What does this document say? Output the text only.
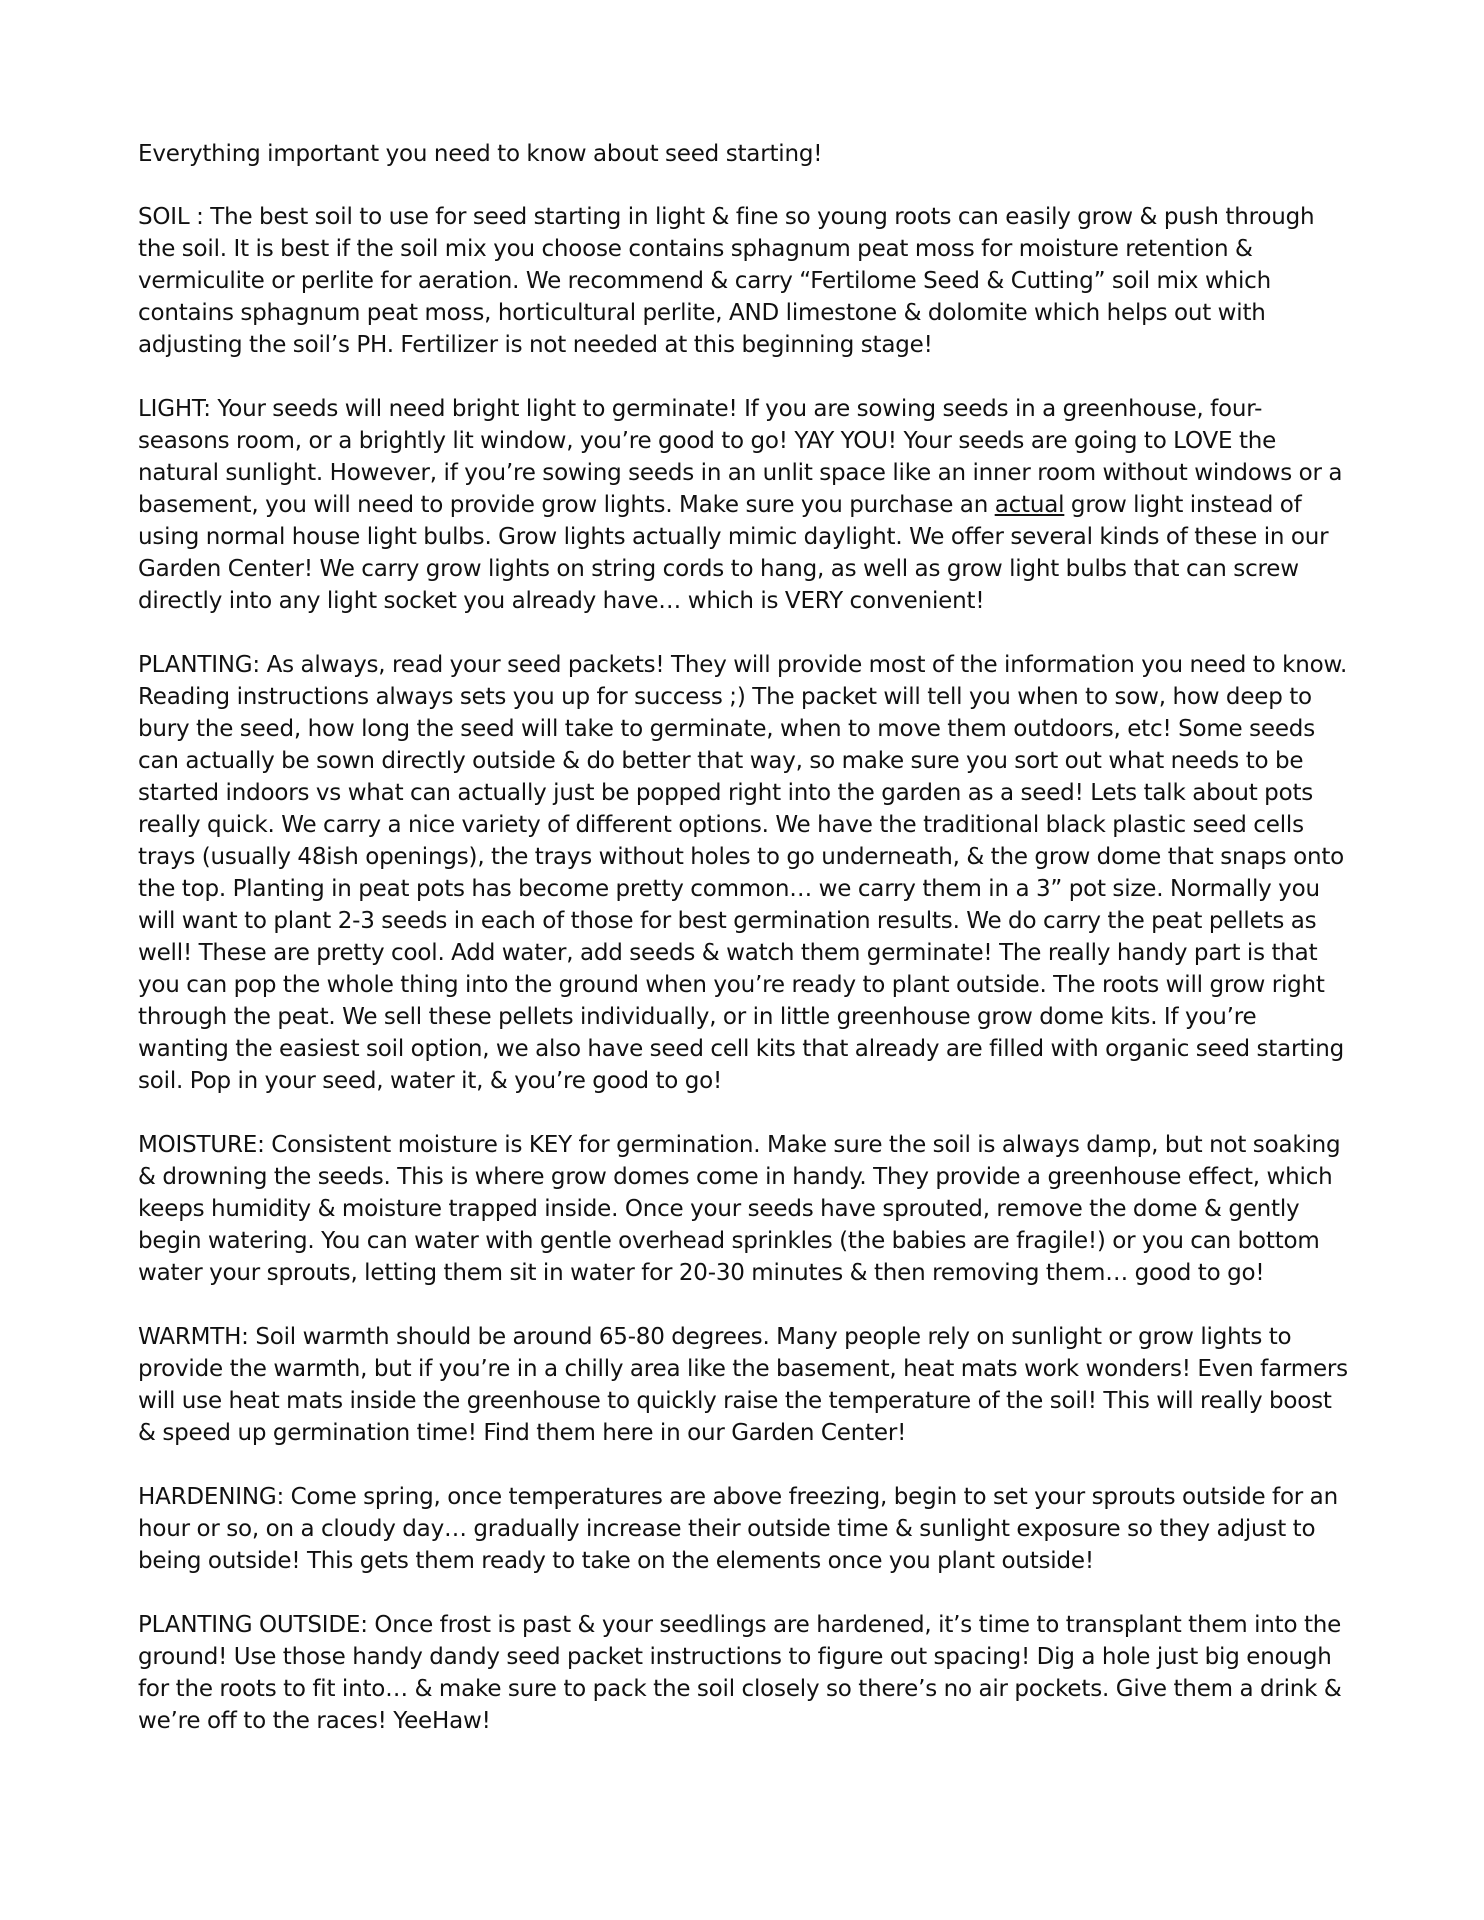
Everything important you need to know about seed starting!

SOIL : The best soil to use for seed starting in light & fine so young roots can easily grow & push through the soil. It is best if the soil mix you choose contains sphagnum peat moss for moisture retention & vermiculite or perlite for aeration. We recommend & carry “Fertilome Seed & Cutting” soil mix which contains sphagnum peat moss, horticultural perlite, AND limestone & dolomite which helps out with adjusting the soil’s PH. Fertilizer is not needed at this beginning stage!

LIGHT: Your seeds will need bright light to germinate! If you are sowing seeds in a greenhouse, four-seasons room, or a brightly lit window, you’re good to go! YAY YOU! Your seeds are going to LOVE the natural sunlight. However, if you’re sowing seeds in an unlit space like an inner room without windows or a basement, you will need to provide grow lights. Make sure you purchase an actual grow light instead of using normal house light bulbs. Grow lights actually mimic daylight. We offer several kinds of these in our Garden Center! We carry grow lights on string cords to hang, as well as grow light bulbs that can screw directly into any light socket you already have… which is VERY convenient!

PLANTING: As always, read your seed packets! They will provide most of the information you need to know. Reading instructions always sets you up for success ;) The packet will tell you when to sow, how deep to bury the seed, how long the seed will take to germinate, when to move them outdoors, etc! Some seeds can actually be sown directly outside & do better that way, so make sure you sort out what needs to be started indoors vs what can actually just be popped right into the garden as a seed! Lets talk about pots really quick. We carry a nice variety of different options. We have the traditional black plastic seed cells trays (usually 48ish openings), the trays without holes to go underneath, & the grow dome that snaps onto the top. Planting in peat pots has become pretty common… we carry them in a 3” pot size. Normally you will want to plant 2-3 seeds in each of those for best germination results. We do carry the peat pellets as well! These are pretty cool. Add water, add seeds & watch them germinate! The really handy part is that you can pop the whole thing into the ground when you’re ready to plant outside. The roots will grow right through the peat. We sell these pellets individually, or in little greenhouse grow dome kits. If you’re wanting the easiest soil option, we also have seed cell kits that already are filled with organic seed starting soil. Pop in your seed, water it, & you’re good to go!

MOISTURE: Consistent moisture is KEY for germination. Make sure the soil is always damp, but not soaking & drowning the seeds. This is where grow domes come in handy. They provide a greenhouse effect, which keeps humidity & moisture trapped inside. Once your seeds have sprouted, remove the dome & gently begin watering. You can water with gentle overhead sprinkles (the babies are fragile!) or you can bottom water your sprouts, letting them sit in water for 20-30 minutes & then removing them… good to go!

WARMTH: Soil warmth should be around 65-80 degrees. Many people rely on sunlight or grow lights to provide the warmth, but if you’re in a chilly area like the basement, heat mats work wonders! Even farmers will use heat mats inside the greenhouse to quickly raise the temperature of the soil! This will really boost & speed up germination time! Find them here in our Garden Center!

HARDENING: Come spring, once temperatures are above freezing, begin to set your sprouts outside for an hour or so, on a cloudy day… gradually increase their outside time & sunlight exposure so they adjust to being outside! This gets them ready to take on the elements once you plant outside!

PLANTING OUTSIDE: Once frost is past & your seedlings are hardened, it’s time to transplant them into the ground! Use those handy dandy seed packet instructions to figure out spacing! Dig a hole just big enough for the roots to fit into… & make sure to pack the soil closely so there’s no air pockets. Give them a drink & we’re off to the races! YeeHaw!
